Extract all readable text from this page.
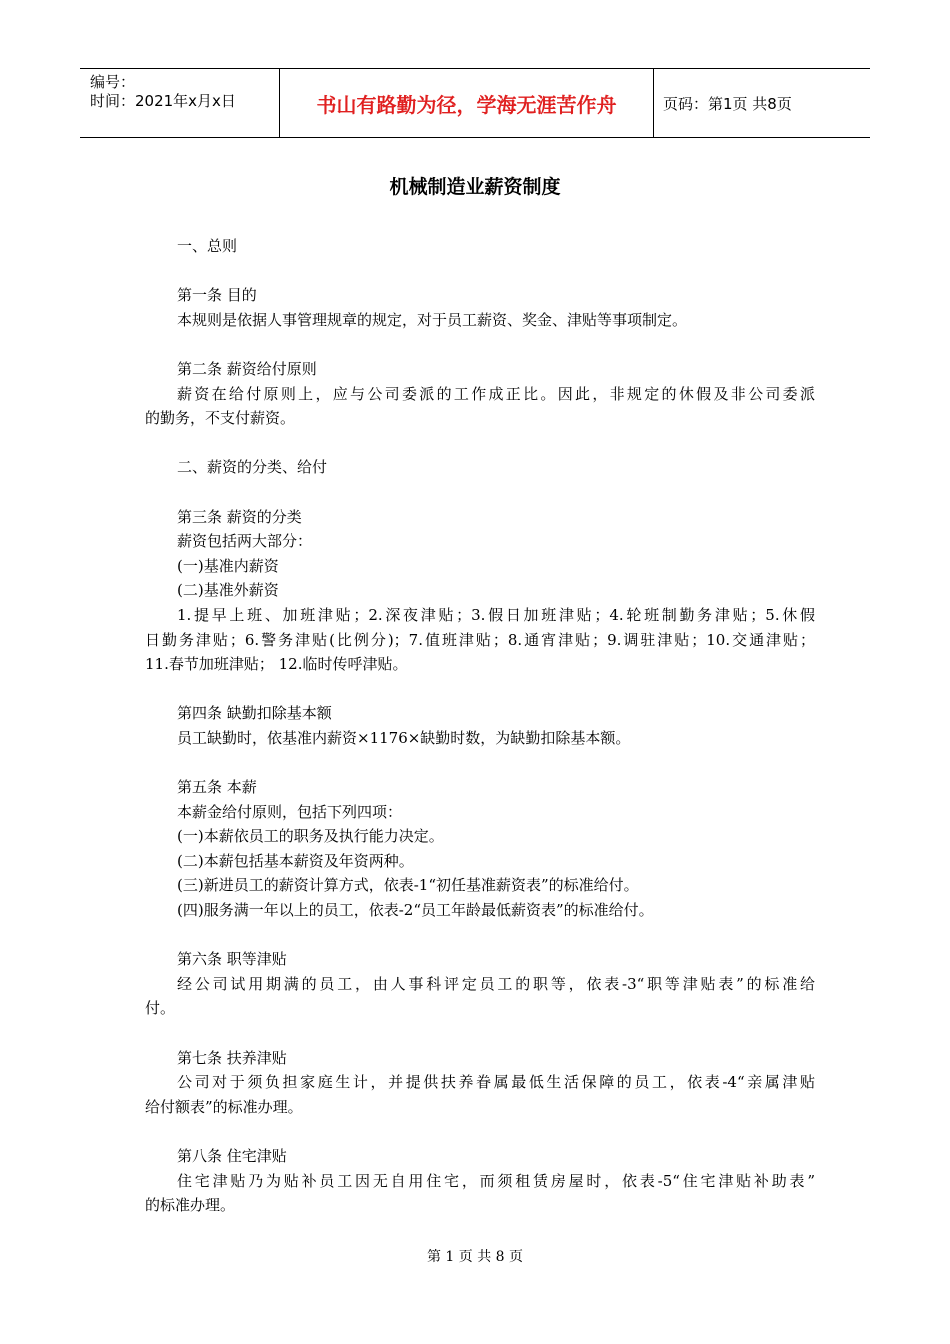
编号：
时间：2021年x月x日	书山有路勤为径，学海无涯苦作舟	页码：第1页 共8页
机械制造业薪资制度
一、总则
第一条 目的
本规则是依据人事管理规章的规定，对于员工薪资、奖金、津贴等事项制定。
第二条 薪资给付原则
薪资在给付原则上，应与公司委派的工作成正比。因此，非规定的休假及非公司委派
的勤务，不支付薪资。
二、薪资的分类、给付
第三条 薪资的分类
薪资包括两大部分：
(一)基准内薪资
(二)基准外薪资
1.提早上班、加班津贴；2.深夜津贴；3.假日加班津贴；4.轮班制勤务津贴；5.休假
日勤务津贴；6.警务津贴(比例分)；7.值班津贴；8.通宵津贴；9.调驻津贴；10.交通津贴；
11.春节加班津贴； 12.临时传呼津贴。
第四条 缺勤扣除基本额
员工缺勤时，依基准内薪资×1176×缺勤时数，为缺勤扣除基本额。
第五条 本薪
本薪金给付原则，包括下列四项：
(一)本薪依员工的职务及执行能力决定。
(二)本薪包括基本薪资及年资两种。
(三)新进员工的薪资计算方式，依表-1“初任基准薪资表”的标准给付。
(四)服务满一年以上的员工，依表-2“员工年龄最低薪资表”的标准给付。
第六条 职等津贴
经公司试用期满的员工，由人事科评定员工的职等，依表-3“职等津贴表”的标准给
付。
第七条 扶养津贴
公司对于须负担家庭生计，并提供扶养眷属最低生活保障的员工，依表-4“亲属津贴
给付额表”的标准办理。
第八条 住宅津贴
住宅津贴乃为贴补员工因无自用住宅，而须租赁房屋时，依表-5“住宅津贴补助表”
的标准办理。
第 1 页 共 8 页
